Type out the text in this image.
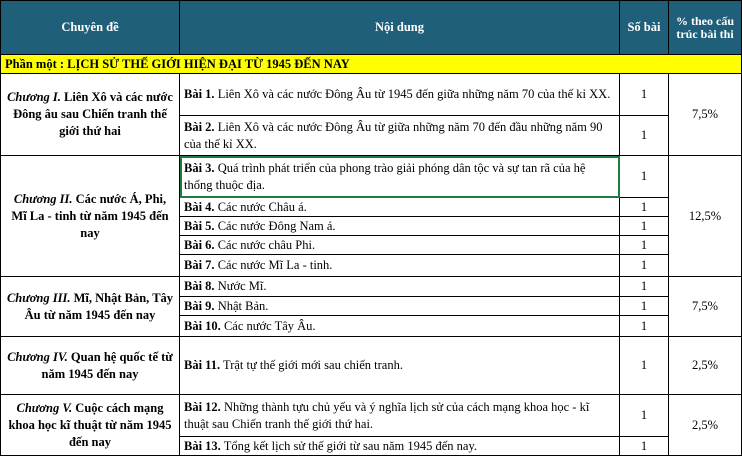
Chuyên đề	Nội dung	Số bài	% theo cấu trúc bài thi
Phần một : LỊCH SỬ THẾ GIỚI HIỆN ĐẠI TỪ 1945 ĐẾN NAY			
Chương I. Liên Xô và các nước Đông âu sau Chiến tranh thế giới thứ hai	Bài 1. Liên Xô và các nước Đông Âu từ 1945 đến giữa những năm 70 của thế kỉ XX.	1	7,5%
	Bài 2. Liên Xô và các nước Đông Âu từ giữa những năm 70 đến đầu những năm 90 của thế kỉ XX.	1	
Chương II. Các nước Á, Phi, Mĩ La - tinh từ năm 1945 đến nay	Bài 3. Quá trình phát triển của phong trào giải phóng dân tộc và sự tan rã của hệ thống thuộc địa.	1	12,5%
	Bài 4. Các nước Châu á.	1	
	Bài 5. Các nước Đông Nam á.	1	
	Bài 6. Các nước châu Phi.	1	
	Bài 7. Các nước Mĩ La - tinh.	1	
Chương III. Mĩ, Nhật Bản, Tây Âu từ năm 1945 đến nay	Bài 8. Nước Mĩ.	1	7,5%
	Bài 9. Nhật Bản.	1	
	Bài 10. Các nước Tây Âu.	1	
Chương IV. Quan hệ quốc tế từ năm 1945 đến nay	Bài 11. Trật tự thế giới mới sau chiến tranh.	1	2,5%
Chương V. Cuộc cách mạng khoa học kĩ thuật từ năm 1945 đến nay	Bài 12. Những thành tựu chủ yếu và ý nghĩa lịch sử của cách mạng khoa học - kĩ thuật sau Chiến tranh thế giới thứ hai.	1	2,5%
	Bài 13. Tổng kết lịch sử thế giới từ sau năm 1945 đến nay.	1	
